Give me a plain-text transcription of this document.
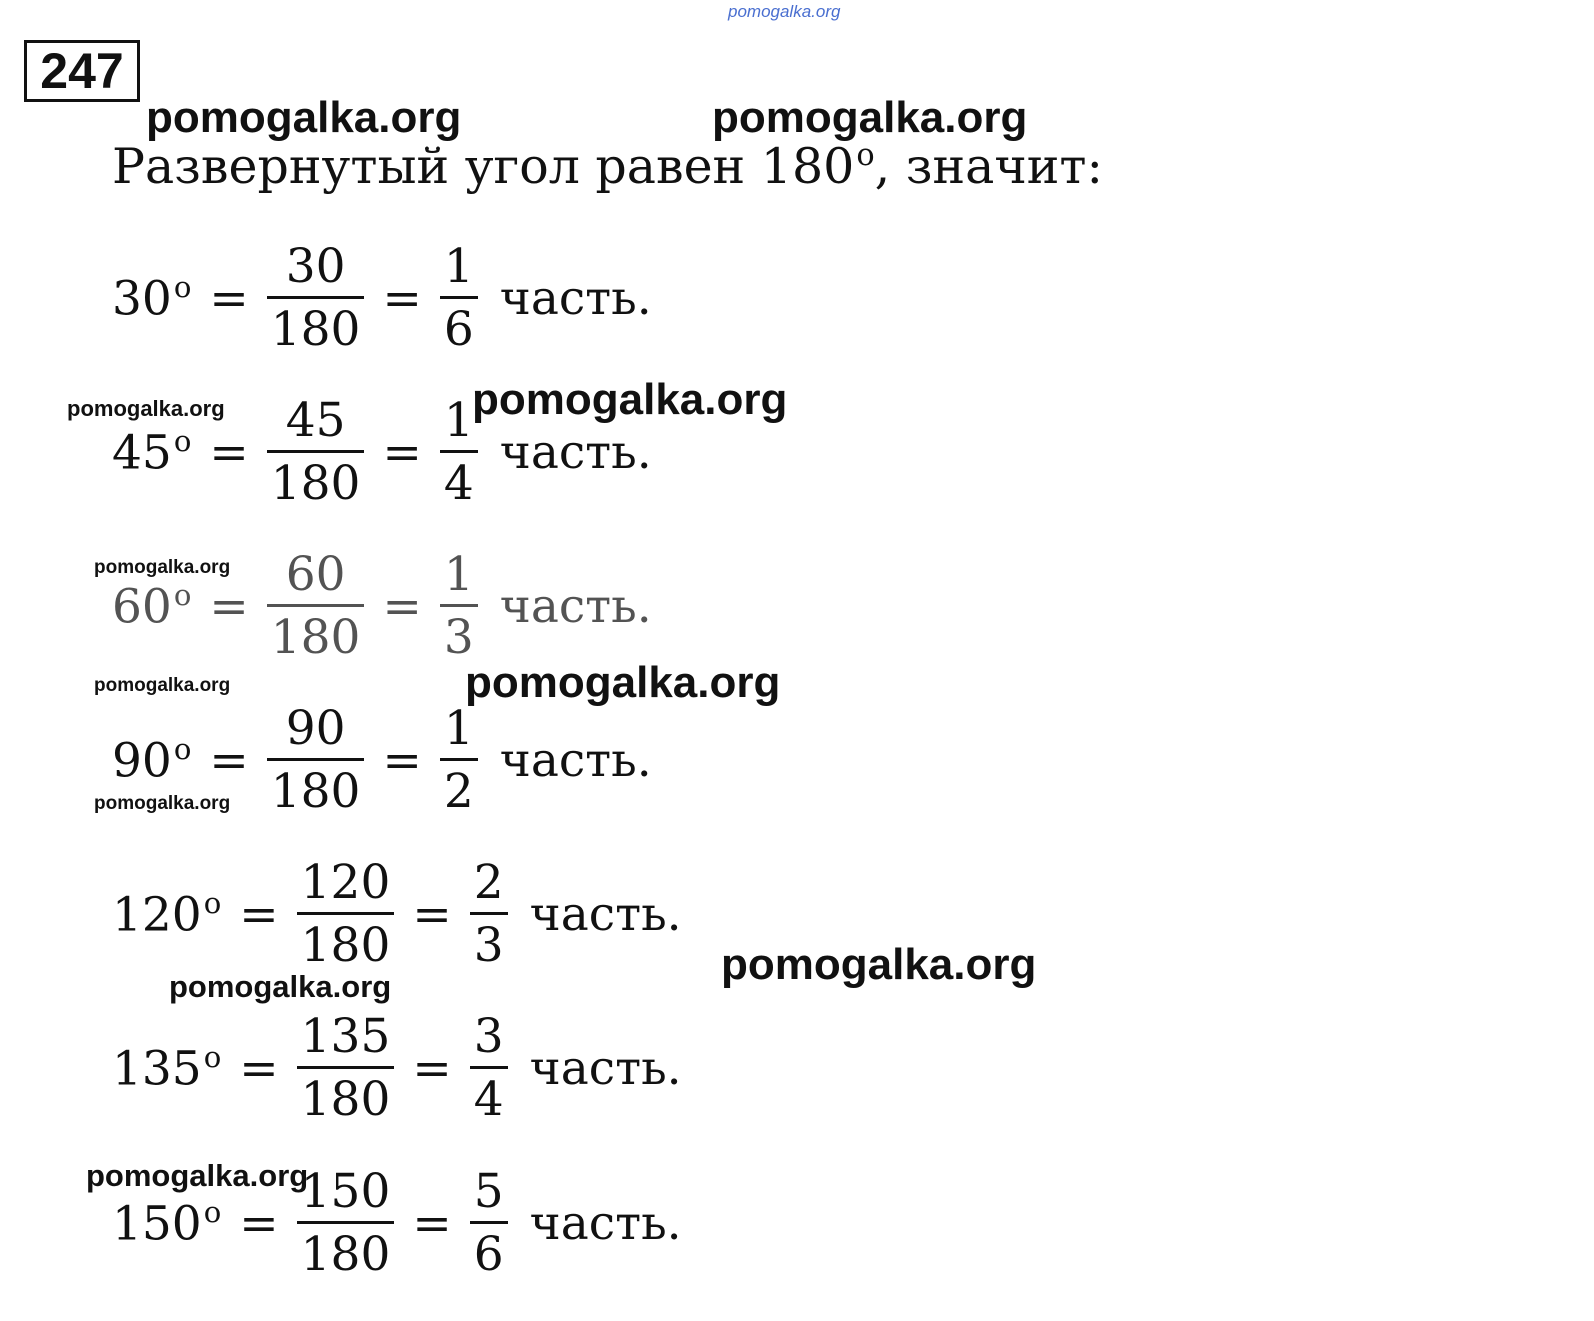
pomogalka.org
247
Развернутый угол равен 180$^o$, значит:
$30^o = \frac{30}{180} = \frac{1}{6}$ часть.
$45^o = \frac{45}{180} = \frac{1}{4}$ часть.
$60^o = \frac{60}{180} = \frac{1}{3}$ часть.
$90^o = \frac{90}{180} = \frac{1}{2}$ часть.
$120^o = \frac{120}{180} = \frac{2}{3}$ часть.
$135^o = \frac{135}{180} = \frac{3}{4}$ часть.
$150^o = \frac{150}{180} = \frac{5}{6}$ часть.
pomogalka.org	pomogalka.org
pomogalka.org	pomogalka.org
pomogalka.org
pomogalka.org	pomogalka.org
pomogalka.org
pomogalka.org
pomogalka.org
pomogalka.org
